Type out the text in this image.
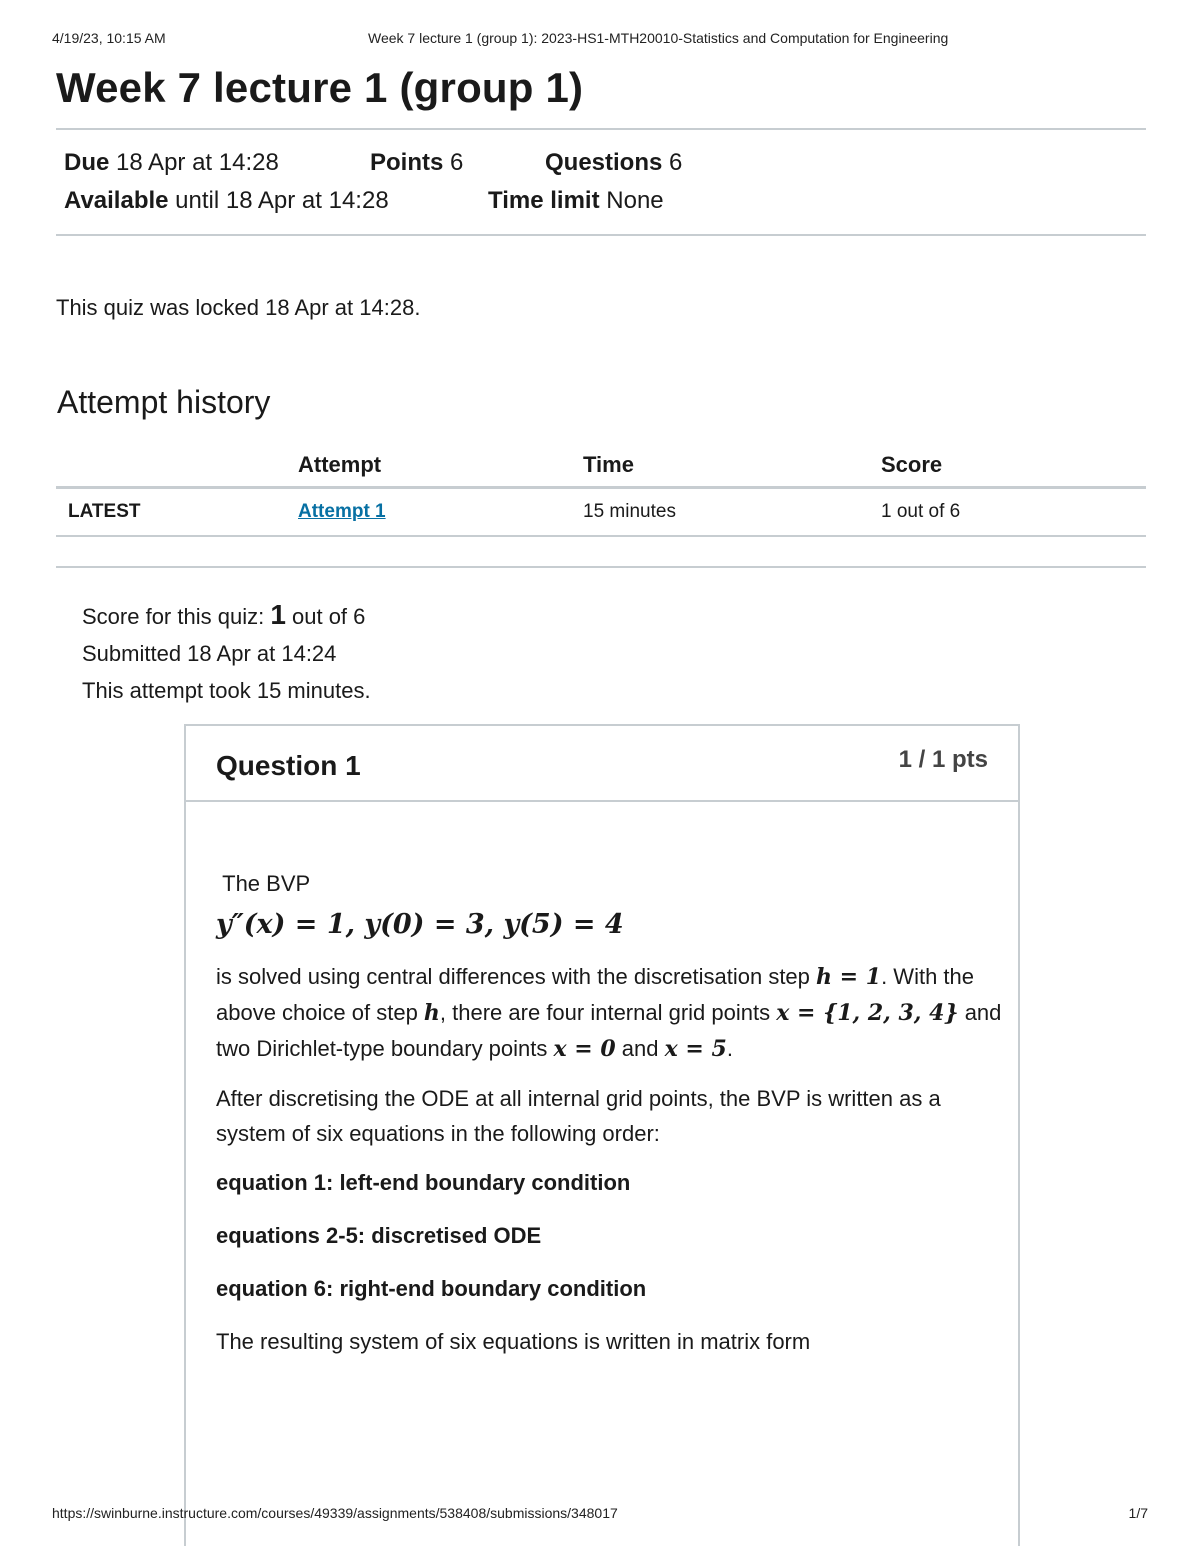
4/19/23, 10:15 AM	Week 7 lecture 1 (group 1): 2023-HS1-MTH20010-Statistics and Computation for Engineering
Week 7 lecture 1 (group 1)
Due 18 Apr at 14:28	Points 6	Questions 6
Available until 18 Apr at 14:28	Time limit None
This quiz was locked 18 Apr at 14:28.
Attempt history
	Attempt	Time	Score
LATEST	Attempt 1	15 minutes	1 out of 6
Score for this quiz: 1 out of 6
Submitted 18 Apr at 14:24
This attempt took 15 minutes.
Question 1	1 / 1 pts
The BVP
y″(x) = 1, y(0) = 3, y(5) = 4
is solved using central differences with the discretisation step h = 1. With the above choice of step h, there are four internal grid points x = {1, 2, 3, 4} and two Dirichlet-type boundary points x = 0 and x = 5.
After discretising the ODE at all internal grid points, the BVP is written as a system of six equations in the following order:
equation 1: left-end boundary condition
equations 2-5: discretised ODE
equation 6: right-end boundary condition
The resulting system of six equations is written in matrix form
https://swinburne.instructure.com/courses/49339/assignments/538408/submissions/348017	1/7
